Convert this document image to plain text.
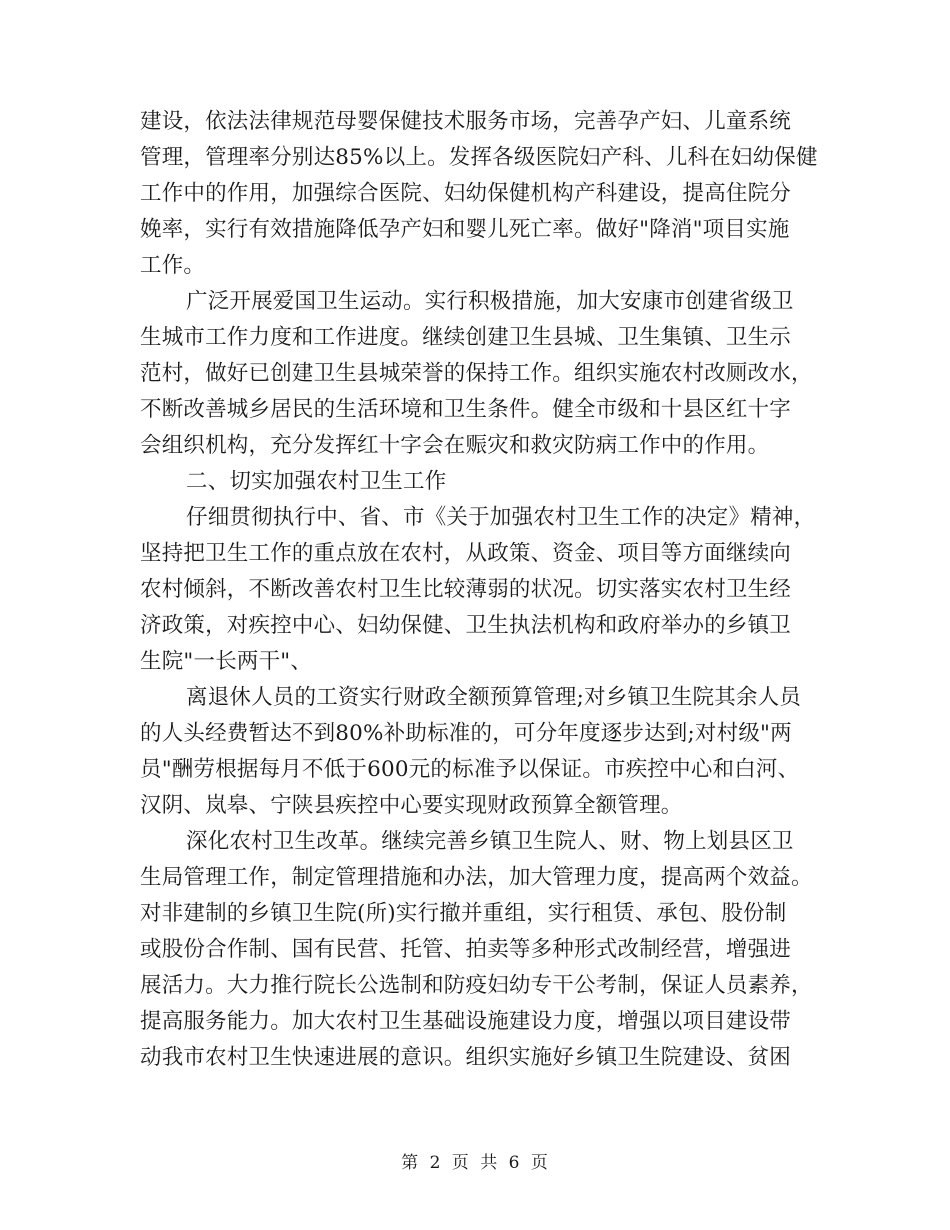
建设，依法法律规范母婴保健技术服务市场，完善孕产妇、儿童系统
管理，管理率分别达85%以上。发挥各级医院妇产科、儿科在妇幼保健
工作中的作用，加强综合医院、妇幼保健机构产科建设，提高住院分
娩率，实行有效措施降低孕产妇和婴儿死亡率。做好"降消"项目实施
工作。
广泛开展爱国卫生运动。实行积极措施，加大安康市创建省级卫
生城市工作力度和工作进度。继续创建卫生县城、卫生集镇、卫生示
范村，做好已创建卫生县城荣誉的保持工作。组织实施农村改厕改水，
不断改善城乡居民的生活环境和卫生条件。健全市级和十县区红十字
会组织机构，充分发挥红十字会在赈灾和救灾防病工作中的作用。
二、切实加强农村卫生工作
仔细贯彻执行中、省、市《关于加强农村卫生工作的决定》精神，
坚持把卫生工作的重点放在农村，从政策、资金、项目等方面继续向
农村倾斜，不断改善农村卫生比较薄弱的状况。切实落实农村卫生经
济政策，对疾控中心、妇幼保健、卫生执法机构和政府举办的乡镇卫
生院"一长两干"、
离退休人员的工资实行财政全额预算管理;对乡镇卫生院其余人员
的人头经费暂达不到80%补助标准的，可分年度逐步达到;对村级"两
员"酬劳根据每月不低于600元的标准予以保证。市疾控中心和白河、
汉阴、岚皋、宁陕县疾控中心要实现财政预算全额管理。
深化农村卫生改革。继续完善乡镇卫生院人、财、物上划县区卫
生局管理工作，制定管理措施和办法，加大管理力度，提高两个效益。
对非建制的乡镇卫生院(所)实行撤并重组，实行租赁、承包、股份制
或股份合作制、国有民营、托管、拍卖等多种形式改制经营，增强进
展活力。大力推行院长公选制和防疫妇幼专干公考制，保证人员素养，
提高服务能力。加大农村卫生基础设施建设力度，增强以项目建设带
动我市农村卫生快速进展的意识。组织实施好乡镇卫生院建设、贫困
第 2 页 共 6 页
